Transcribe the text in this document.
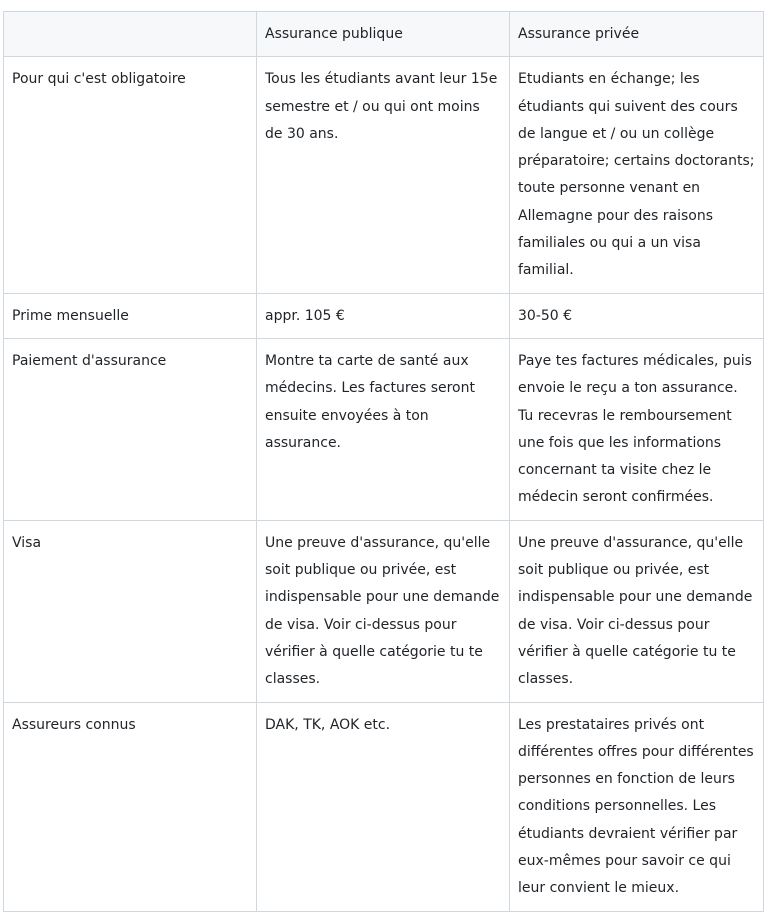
	Assurance publique	Assurance privée
Pour qui c'est obligatoire	Tous les étudiants avant leur 15e semestre et / ou qui ont moins de 30 ans.	Etudiants en échange; les étudiants qui suivent des cours de langue et / ou un collège préparatoire; certains doctorants; toute personne venant en Allemagne pour des raisons familiales ou qui a un visa familial.
Prime mensuelle	appr. 105 €	30-50 €
Paiement d'assurance	Montre ta carte de santé aux médecins. Les factures seront ensuite envoyées à ton assurance.	Paye tes factures médicales, puis envoie le reçu a ton assurance. Tu recevras le remboursement une fois que les informations concernant ta visite chez le médecin seront confirmées.
Visa	Une preuve d'assurance, qu'elle soit publique ou privée, est indispensable pour une demande de visa. Voir ci-dessus pour vérifier à quelle catégorie tu te classes.	Une preuve d'assurance, qu'elle soit publique ou privée, est indispensable pour une demande de visa. Voir ci-dessus pour vérifier à quelle catégorie tu te classes.
Assureurs connus	DAK, TK, AOK etc.	Les prestataires privés ont différentes offres pour différentes personnes en fonction de leurs conditions personnelles. Les étudiants devraient vérifier par eux-mêmes pour savoir ce qui leur convient le mieux.
